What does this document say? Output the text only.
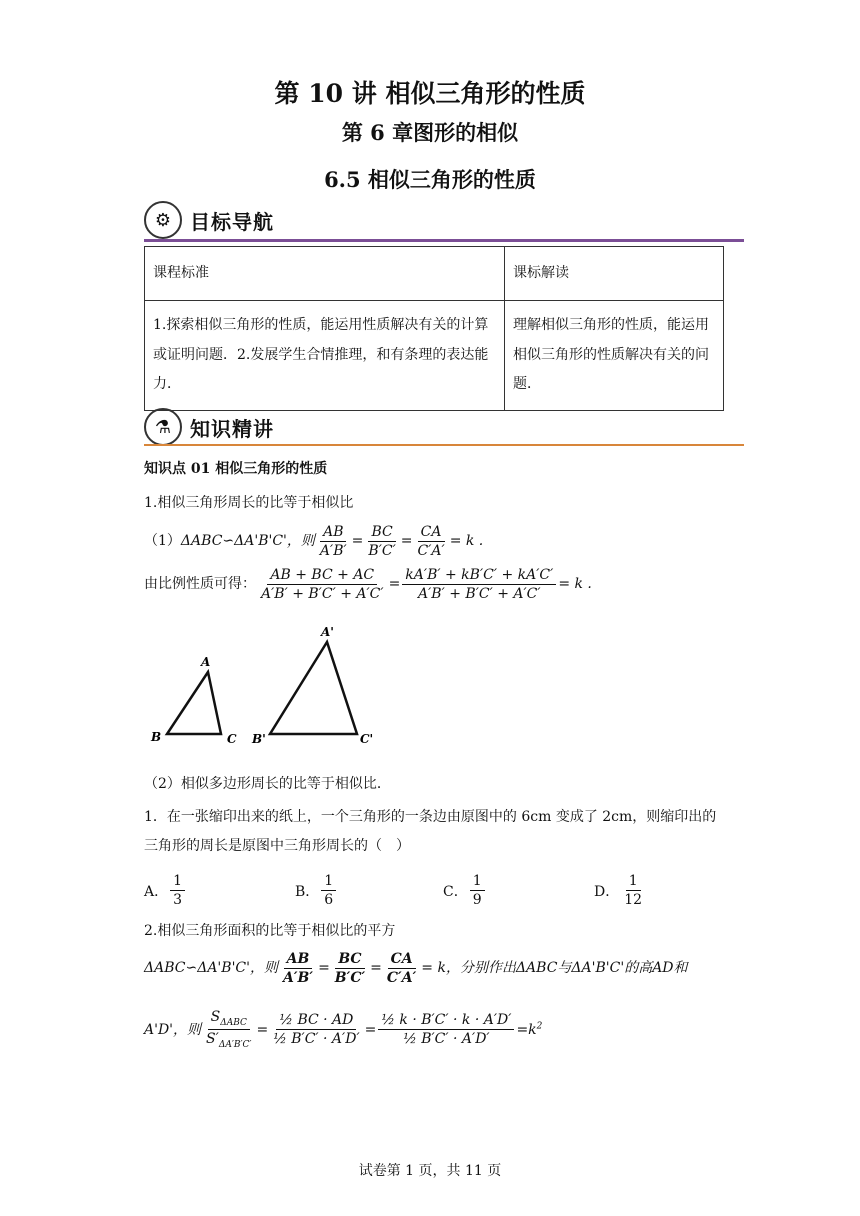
第 10 讲 相似三角形的性质
第 6 章图形的相似
6.5 相似三角形的性质
⚙ 目标导航
课程标准	课标解读
1.探索相似三角形的性质，能运用性质解决有关的计算或证明问题．2.发展学生合情推理，和有条理的表达能力．	理解相似三角形的性质，能运用相似三角形的性质解决有关的问题．
⚗ 知识精讲
知识点 01 相似三角形的性质
1.相似三角形周长的比等于相似比
（1） ΔABC∽ΔA'B'C'，则 $\frac{AB}{A'B'} = \frac{BC}{B'C'} = \frac{CA}{C'A'} = k$ .
由比例性质可得： $\frac{AB + BC + AC}{A'B' + B'C' + A'C'} = \frac{kA'B' + kB'C' + kA'C'}{A'B' + B'C' + A'C'} = k$ .
A
B	C
A'
B'	C'
（2）相似多边形周长的比等于相似比．
1．在一张缩印出来的纸上，一个三角形的一条边由原图中的 6cm 变成了 2cm，则缩印出的三角形的周长是原图中三角形周长的（　）
A． $\frac{1}{3}$	B． $\frac{1}{6}$	C． $\frac{1}{9}$	D． $\frac{1}{12}$
2.相似三角形面积的比等于相似比的平方
ΔABC∽ΔA'B'C'，则 $\frac{AB}{A'B'} = \frac{BC}{B'C'} = \frac{CA}{C'A'} = k$，分别作出ΔABC与ΔA'B'C'的高AD和
A'D'，则 $\frac{S_{\Delta ABC}}{S'_{\Delta A'B'C'}} = \frac{\text{½ BC · AD}}{\text{½ B′C′ · A′D′}} = \frac{\text{½ k · B′C′ · k · A′D′}}{\text{½ B′C′ · A′D′}} =k^2$
试卷第 1 页，共 11 页
